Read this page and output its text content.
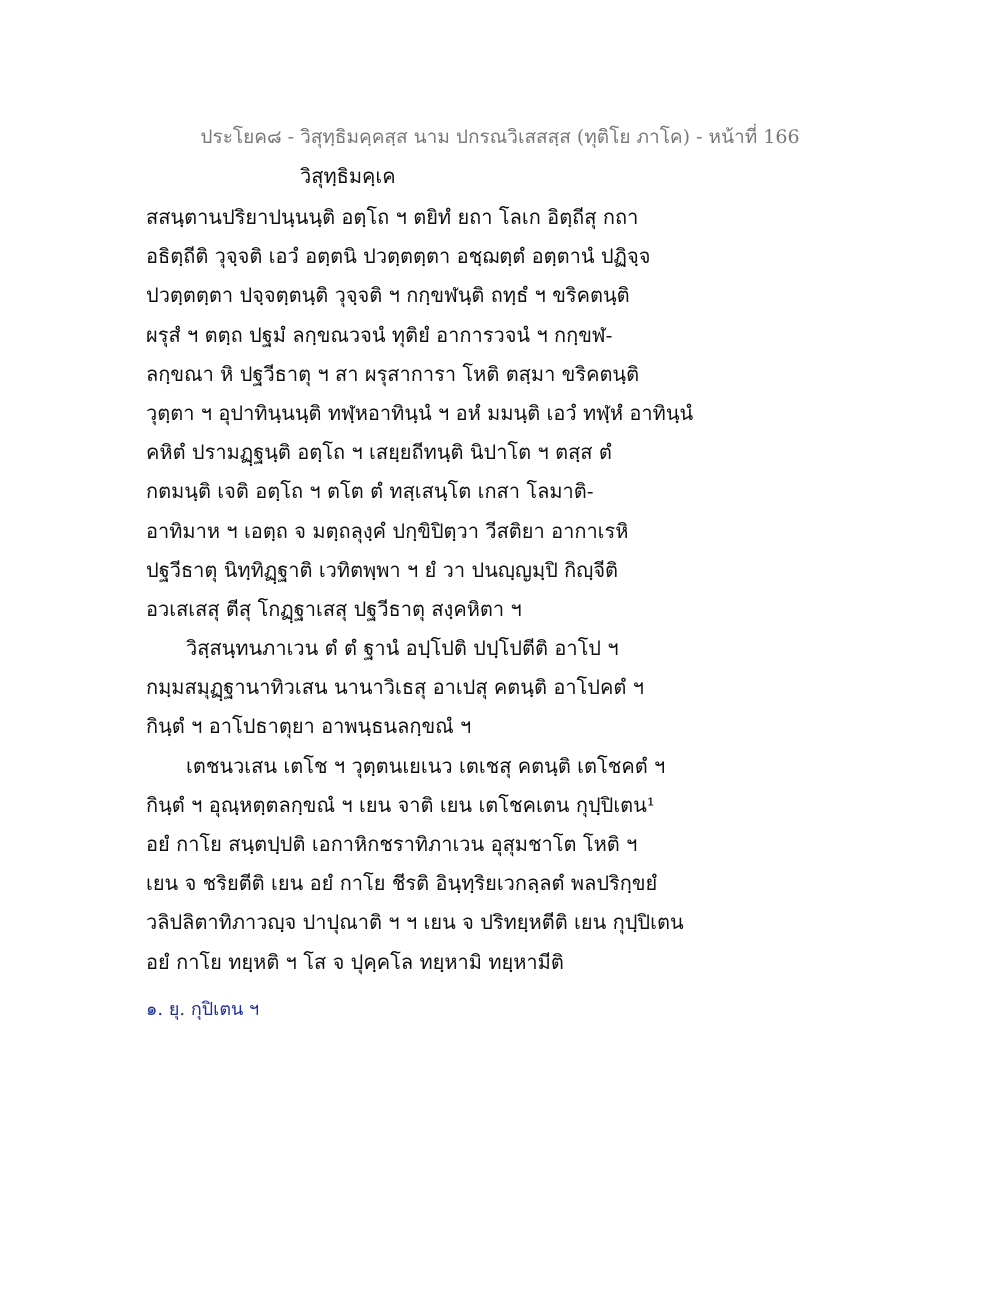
ประโยค๘ - วิสุทฺธิมคฺคสฺส นาม ปกรณวิเสสสฺส (ทุติโย ภาโค) - หน้าที่ 166
วิสุทฺธิมคฺเค
สสนฺตานปริยาปนฺนนฺติ อตฺโถ ฯ ตยิทํ ยถา โลเก อิตฺถีสุ กถา
อธิตฺถีติ วุจฺจติ เอวํ อตฺตนิ ปวตฺตตฺตา อชฺฌตฺตํ อตฺตานํ ปฏิจฺจ
ปวตฺตตฺตา ปจฺจตฺตนฺติ วุจฺจติ ฯ กกฺขฬนฺติ ถทฺธํ ฯ ขริคตนฺติ
ผรุสํ ฯ ตตฺถ ปฐมํ ลกฺขณวจนํ ทุติยํ อาการวจนํ ฯ กกฺขฬ-
ลกฺขณา หิ ปฐวีธาตุ ฯ สา ผรุสาการา โหติ ตสฺมา ขริคตนฺติ
วุตฺตา ฯ อุปาทินฺนนฺติ ทฬฺหอาทินฺนํ ฯ อหํ มมนฺติ เอวํ ทฬฺหํ อาทินฺนํ
คหิตํ ปรามฏฺฐนฺติ อตฺโถ ฯ เสยฺยถีทนฺติ นิปาโต ฯ ตสฺส ตํ
กตมนฺติ เจติ อตฺโถ ฯ ตโต ตํ ทสฺเสนฺโต เกสา โลมาติ-
อาทิมาห ฯ เอตฺถ จ มตฺถลุงฺคํ ปกฺขิปิตฺวา วีสติยา อากาเรหิ
ปฐวีธาตุ นิทฺทิฏฺฐาติ เวทิตพฺพา ฯ ยํ วา ปนญฺญมฺปิ กิญฺจีติ
อวเสเสสุ ตีสุ โกฏฺฐาเสสุ ปฐวีธาตุ สงฺคหิตา ฯ
วิสฺสนฺทนภาเวน ตํ ตํ ฐานํ อปฺโปติ ปปฺโปตีติ อาโป ฯ
กมฺมสมุฏฺฐานาทิวเสน นานาวิเธสุ อาเปสุ คตนฺติ อาโปคตํ ฯ
กินฺตํ ฯ อาโปธาตุยา อาพนฺธนลกฺขณํ ฯ
เตชนวเสน เตโช ฯ วุตฺตนเยเนว เตเชสุ คตนฺติ เตโชคตํ ฯ
กินฺตํ ฯ อุณฺหตฺตลกฺขณํ ฯ เยน จาติ เยน เตโชคเตน กุปฺปิเตน¹
อยํ กาโย สนฺตปฺปติ เอกาหิกชราทิภาเวน อุสุมชาโต โหติ ฯ
เยน จ ชริยตีติ เยน อยํ กาโย ชีรติ อินฺทฺริยเวกลฺลตํ พลปริกฺขยํ
วลิปลิตาทิภาวญฺจ ปาปุณาติ ฯ ฯ เยน จ ปริทยฺหตีติ เยน กุปฺปิเตน
อยํ กาโย ทยฺหติ ฯ โส จ ปุคฺคโล ทยฺหามิ ทยฺหามีติ
๑. ยุ. กุปิเตน ฯ
